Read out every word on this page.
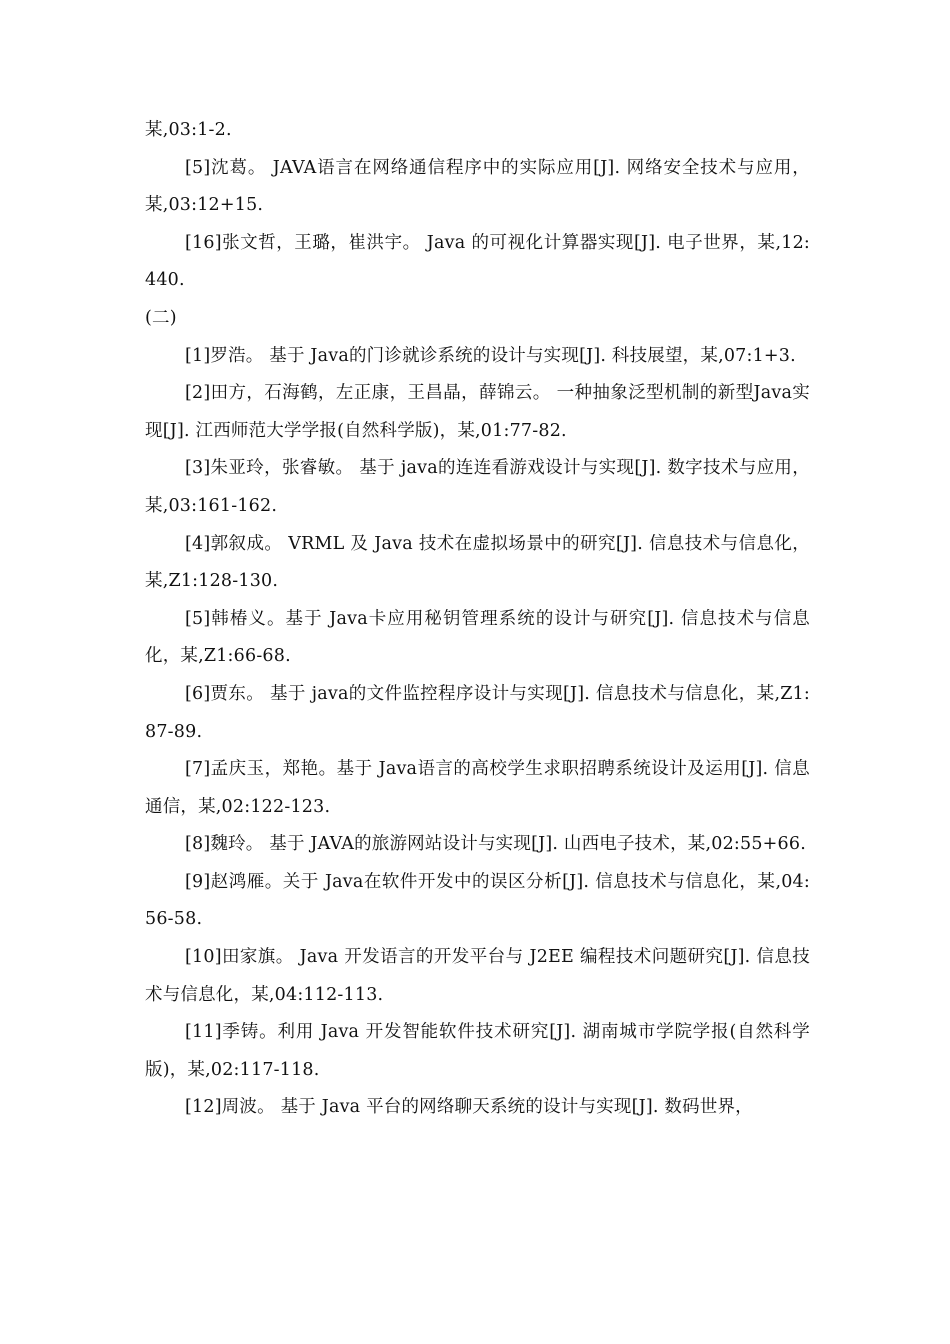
某,03:1-2.

[5]沈葛。 JAVA语言在网络通信程序中的实际应用[J]. 网络安全技术与应用，某,03:12+15.

[16]张文哲，王璐，崔洪宇。 Java 的可视化计算器实现[J]. 电子世界，某,12:440.

(二)

[1]罗浩。 基于 Java的门诊就诊系统的设计与实现[J]. 科技展望，某,07:1+3.

[2]田方，石海鹤，左正康，王昌晶，薛锦云。 一种抽象泛型机制的新型Java实现[J]. 江西师范大学学报(自然科学版)，某,01:77-82.

[3]朱亚玲，张睿敏。 基于 java的连连看游戏设计与实现[J]. 数字技术与应用，某,03:161-162.

[4]郭叙成。 VRML 及 Java 技术在虚拟场景中的研究[J]. 信息技术与信息化，某,Z1:128-130.

[5]韩椿义。基于 Java卡应用秘钥管理系统的设计与研究[J]. 信息技术与信息化，某,Z1:66-68.

[6]贾东。 基于 java的文件监控程序设计与实现[J]. 信息技术与信息化，某,Z1:87-89.

[7]孟庆玉，郑艳。基于 Java语言的高校学生求职招聘系统设计及运用[J]. 信息通信，某,02:122-123.

[8]魏玲。 基于 JAVA的旅游网站设计与实现[J]. 山西电子技术，某,02:55+66.

[9]赵鸿雁。关于 Java在软件开发中的误区分析[J]. 信息技术与信息化，某,04:56-58.

[10]田家旗。 Java 开发语言的开发平台与 J2EE 编程技术问题研究[J]. 信息技术与信息化，某,04:112-113.

[11]季铸。利用 Java 开发智能软件技术研究[J]. 湖南城市学院学报(自然科学版)，某,02:117-118.

[12]周波。 基于 Java 平台的网络聊天系统的设计与实现[J]. 数码世界，
